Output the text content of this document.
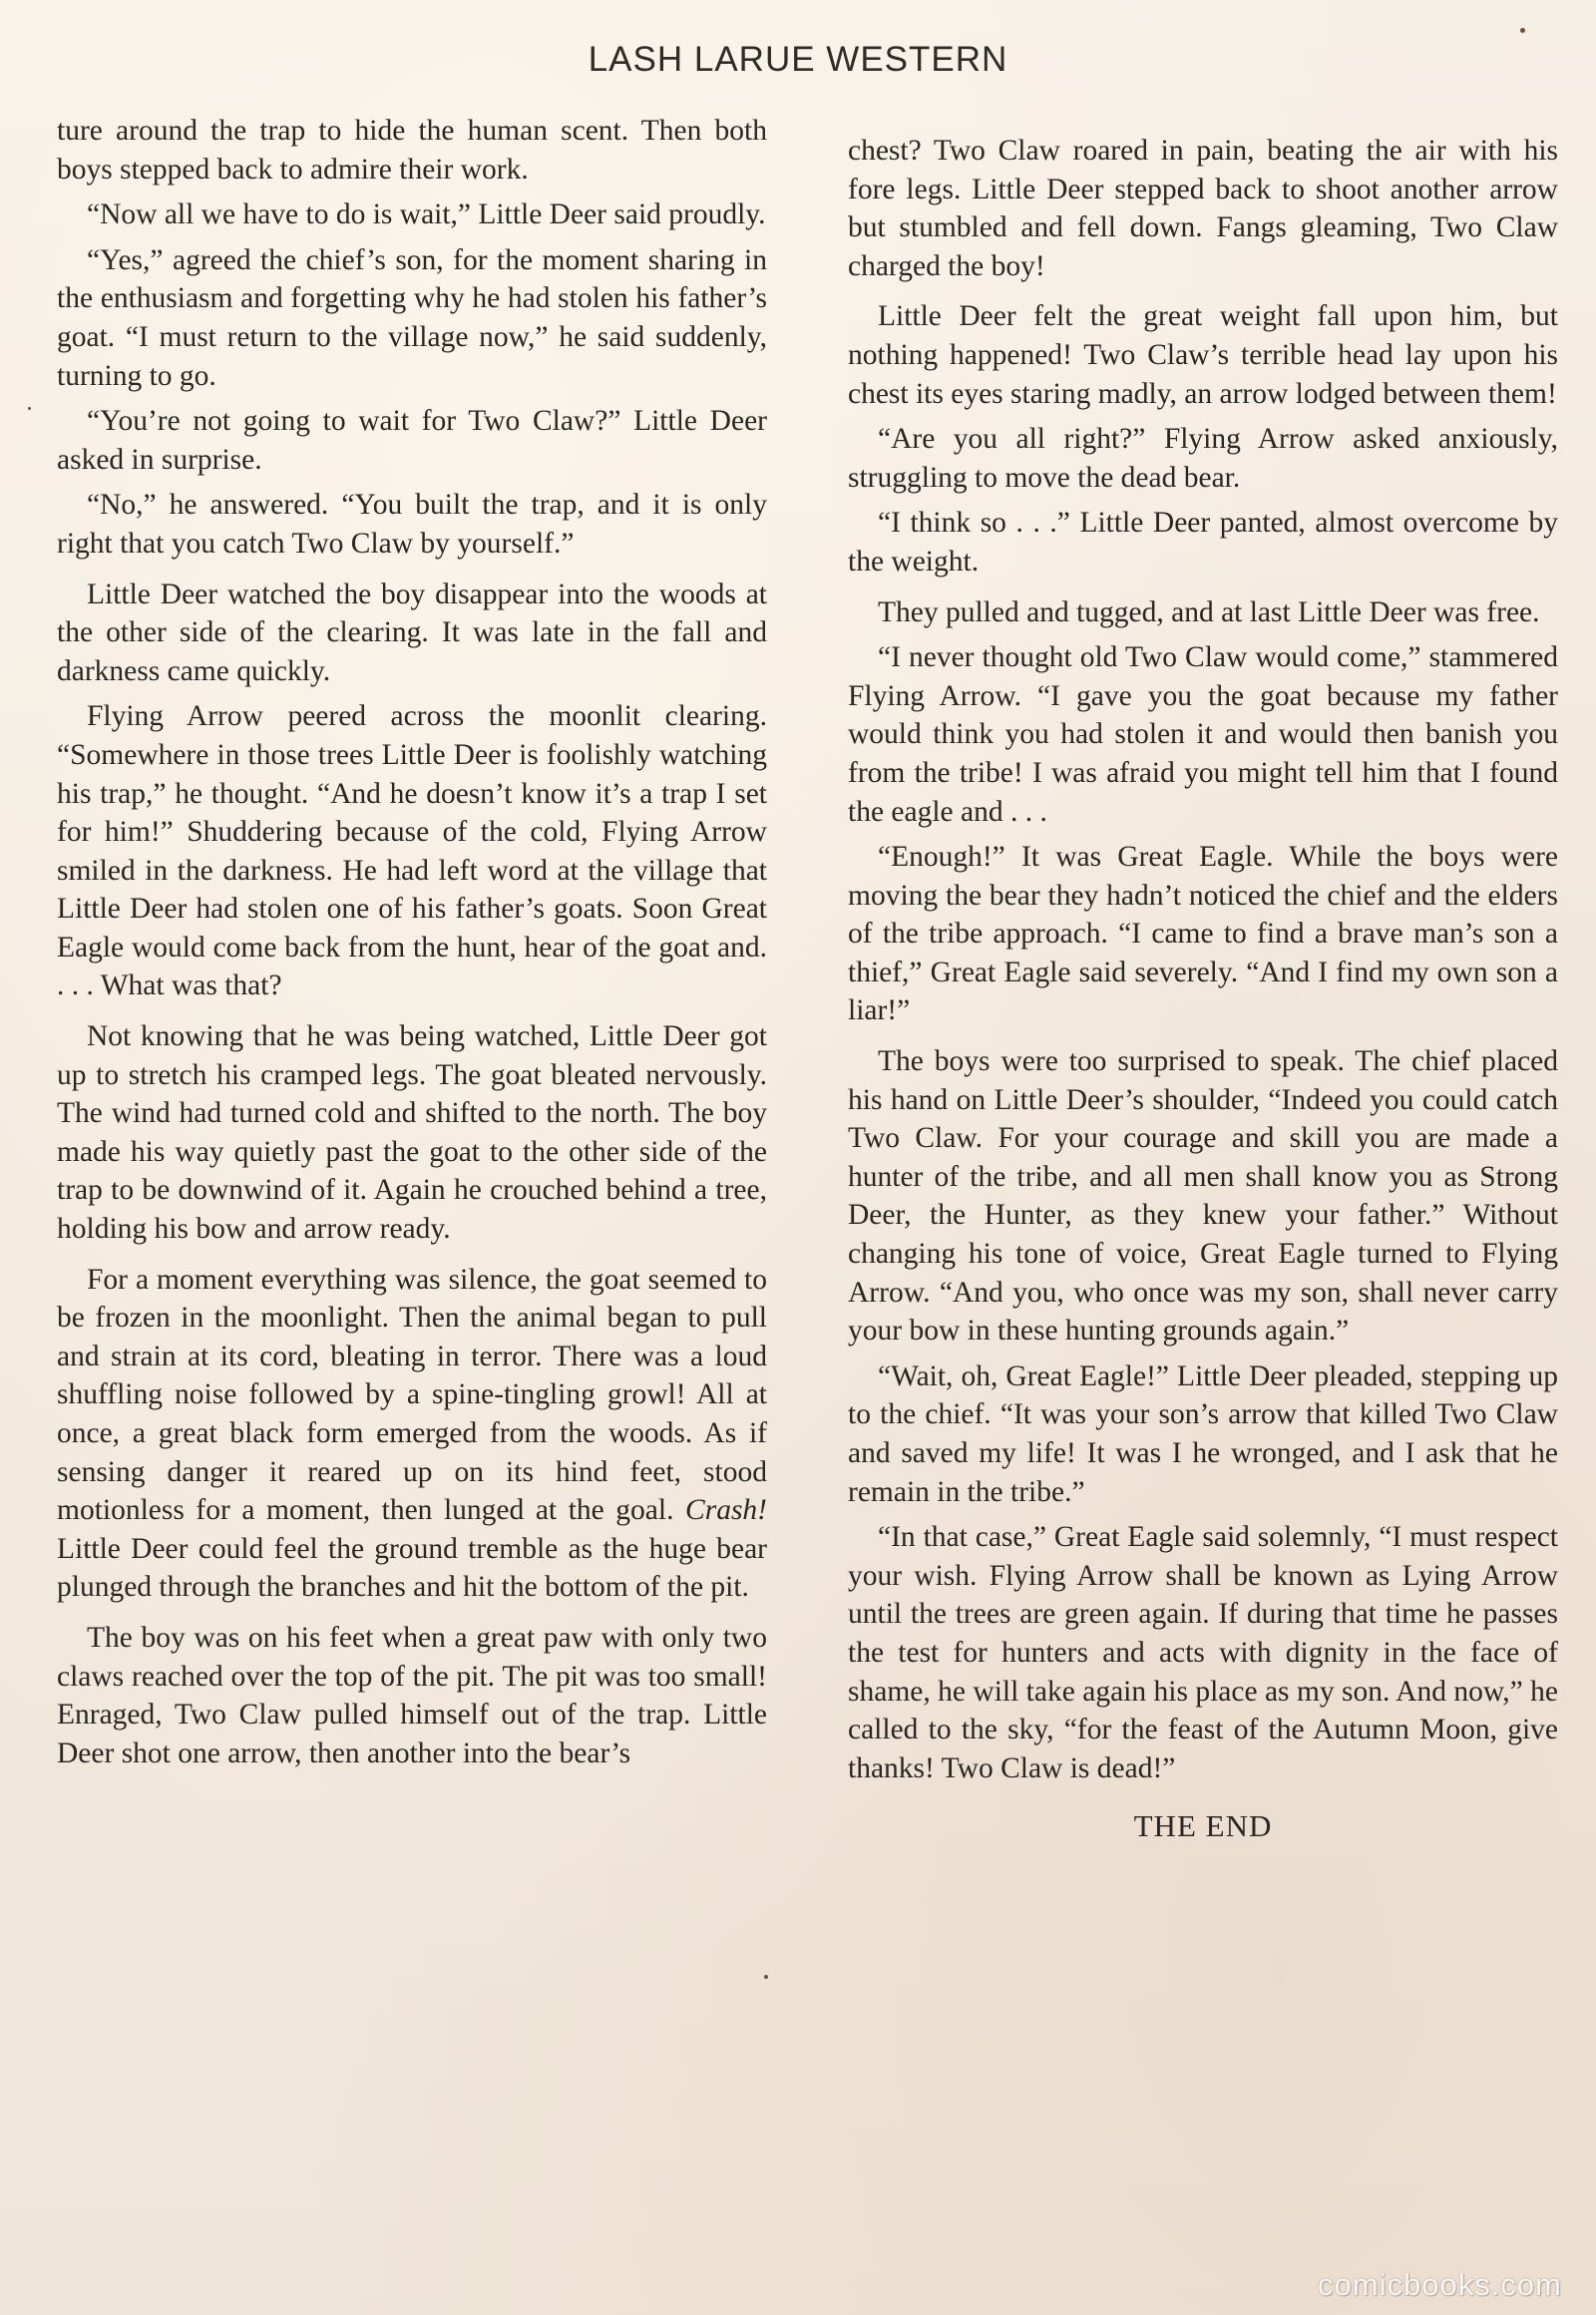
LASH LARUE WESTERN

ture around the trap to hide the human scent. Then both boys stepped back to admire their work.

“Now all we have to do is wait,” Little Deer said proudly.

“Yes,” agreed the chief’s son, for the moment sharing in the enthusiasm and forgetting why he had stolen his father’s goat. “I must return to the village now,” he said suddenly, turning to go.

“You’re not going to wait for Two Claw?” Little Deer asked in surprise.

“No,” he answered. “You built the trap, and it is only right that you catch Two Claw by yourself.”

Little Deer watched the boy disappear into the woods at the other side of the clearing. It was late in the fall and darkness came quickly.

Flying Arrow peered across the moonlit clearing. “Somewhere in those trees Little Deer is foolishly watching his trap,” he thought. “And he doesn’t know it’s a trap I set for him!” Shuddering because of the cold, Flying Arrow smiled in the darkness. He had left word at the village that Little Deer had stolen one of his father’s goats. Soon Great Eagle would come back from the hunt, hear of the goat and. . . . What was that?

Not knowing that he was being watched, Little Deer got up to stretch his cramped legs. The goat bleated nervously. The wind had turned cold and shifted to the north. The boy made his way quietly past the goat to the other side of the trap to be downwind of it. Again he crouched behind a tree, holding his bow and arrow ready.

For a moment everything was silence, the goat seemed to be frozen in the moonlight. Then the animal began to pull and strain at its cord, bleating in terror. There was a loud shuffling noise followed by a spine-tingling growl! All at once, a great black form emerged from the woods. As if sensing danger it reared up on its hind feet, stood motionless for a moment, then lunged at the goal. Crash! Little Deer could feel the ground tremble as the huge bear plunged through the branches and hit the bottom of the pit.

The boy was on his feet when a great paw with only two claws reached over the top of the pit. The pit was too small! Enraged, Two Claw pulled himself out of the trap. Little Deer shot one arrow, then another into the bear’s

chest? Two Claw roared in pain, beating the air with his fore legs. Little Deer stepped back to shoot another arrow but stumbled and fell down. Fangs gleaming, Two Claw charged the boy!

Little Deer felt the great weight fall upon him, but nothing happened! Two Claw’s terrible head lay upon his chest its eyes staring madly, an arrow lodged between them!

“Are you all right?” Flying Arrow asked anxiously, struggling to move the dead bear.

“I think so . . .” Little Deer panted, almost overcome by the weight.

They pulled and tugged, and at last Little Deer was free.

“I never thought old Two Claw would come,” stammered Flying Arrow. “I gave you the goat because my father would think you had stolen it and would then banish you from the tribe! I was afraid you might tell him that I found the eagle and . . .

“Enough!” It was Great Eagle. While the boys were moving the bear they hadn’t noticed the chief and the elders of the tribe approach. “I came to find a brave man’s son a thief,” Great Eagle said severely. “And I find my own son a liar!”

The boys were too surprised to speak. The chief placed his hand on Little Deer’s shoulder, “Indeed you could catch Two Claw. For your courage and skill you are made a hunter of the tribe, and all men shall know you as Strong Deer, the Hunter, as they knew your father.” Without changing his tone of voice, Great Eagle turned to Flying Arrow. “And you, who once was my son, shall never carry your bow in these hunting grounds again.”

“Wait, oh, Great Eagle!” Little Deer pleaded, stepping up to the chief. “It was your son’s arrow that killed Two Claw and saved my life! It was I he wronged, and I ask that he remain in the tribe.”

“In that case,” Great Eagle said solemnly, “I must respect your wish. Flying Arrow shall be known as Lying Arrow until the trees are green again. If during that time he passes the test for hunters and acts with dignity in the face of shame, he will take again his place as my son. And now,” he called to the sky, “for the feast of the Autumn Moon, give thanks! Two Claw is dead!”

THE END

comicbooks.com
